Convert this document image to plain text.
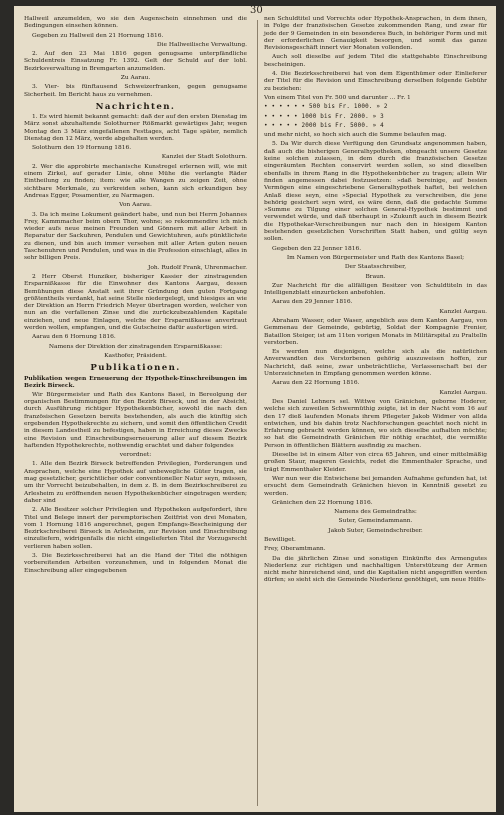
30

Hallweil anzumelden, wo sie den Augenschein einnehmen und die Bedingungen einsehen können.

Gegeben zu Hallweil den 21 Hornung 1816.

Die Hallweilische Verwaltung.

2. Auf den 23 Mai 1816 gegen genugsame unterpfändliche Schuldentreis Einsatzung Fr. 1392. Gelt der Schuld auf der lobl. Bezirksverwaltung in Bremgarten anzumelden.

Zu Aarau.

3. Vier- bis fünftausend Schweizerfranken, gegen genugsame Sicherheit. Im Bericht haus zu vernehmen.

Nachrichten.

1. Es wird hiemit bekannt gemacht: daß der auf den ersten Dienstag im März sonst abzuhaltende Solothurner Rößmarkt gewärtiges Jahr, wegen Montag den 3 März eingefallenen Festtages, acht Tage später, nemlich Dienstag den 12 März, werde abgehalten werden.

Solothurn den 19 Hornung 1816.

Kanzlei der Stadt Solothurn.

2. Wer die approbirte mechanische Kunstregel erlernen will, wie mit einem Zirkel, auf gerader Linie, ohne Mühe die verlangte Räder Eintheilung zu finden; item: wie alle Wangen zu zeigen Zeit, ohne sichtbare Merkmale, zu verkreiden sehen, kann sich erkundigen bey Andreas Egger, Posamentier, zu Narmagen.

Von Aarau.

3. Da ich meine Lokument geändert habe, und nun bei Herrn Johannes Frey, Kammmacher beim obern Thor, wohne; so rekommendire ich mich wieder aufs neue meinen Freunden und Gönnern mit aller Arbeit in Reparatur der Sackuhren, Pendulen und Gewichtuhren, aufs pünktlichste zu dienen, und bin auch immer versehen mit aller Arten guten neuen Taschenuhren und Pendulen, und was in die Profession einschlagt, alles in sehr billigen Preis.

Joh. Rudolf Frank, Uhrenmacher.

2 Herr Oberst Hunziker, bisheriger Kassier der zinstragenden Ersparnißkasse für die Einwohner des Kantons Aargau, dessen Bemühungen diese Anstalt seit ihrer Gründung den guten Fortgang größtentheils verdankt, hat seine Stelle niedergelegt, und hiesiges an wie der Direktion an Herrn Friedrich Meyer übertragen worden, welcher von nun an die verfallenen Zinse und die zurückzubezahlenden Kapitale einziehen, und neue Einlagen, welche der Ersparnißkasse anvertraut werden wollen, empfangen, und die Gutscheine dafür ausfertigen wird.

Aarau den 6 Hornung 1816.

Namens der Direktion der zinstragenden Ersparnißkasse:

Kasthofer, Präsident.

Publikationen.

Publikation wegen Erneuerung der Hypothek-Einschreibungen im Bezirk Birseck.

Wir Bürgermeister und Rath des Kantons Basel, in Bereolgung der organischen Bestimmungen für den Bezirk Birseck, und in der Absicht, durch Ausführung richtiger Hypothekenbücher, sowohl die nach den französischen Gesetzen bereits bestehenden, als auch die künftig sich ergebenden Hypothekrechte zu sichern, und somit den öffentlichen Credit in diesem Landestheil zu befestigen, haben in Erreichung dieses Zwecks eine Revision und Einschreibungserneuerung aller auf diesem Bezirk haftenden Hypothekrechte, nothwendig erachtet und daher folgendes

verordnet:

1. Alle den Bezirk Birseck betreffenden Privilegien, Forderungen und Ansprachen, welche eine Hypothek auf unbewegliche Güter tragen, sie mag gesetzlicher, gerichtlicher oder conventioneller Natur seyn, müssen, um ihr Vorrecht beizubehalten, in dem z. B. in dem Bezirkschreiberei zu Arlesheim zu eröffnenden neuen Hypothekenbücher eingetragen werden; daher sind

2. Alle Besitzer solcher Privilegien und Hypotheken aufgefordert, ihre Titel und Belege innert der peremptorischen Zeitfrist von drei Monaten, vom 1 Hornung 1816 angerechnet, gegen Empfangs-Bescheinigung der Bezirkschreiberei Birseck in Arlesheim, zur Revision und Einschreibung einzuliefern, widrigenfalls die nicht eingelieferten Titel ihr Vorzugsrecht verlieren haben sollen.

3. Die Bezirksschreiberei hat an die Hand der Titel die nöthigen vorbereitenden Arbeiten vorzunehmen, und in folgenden Monat die Einschreibung aller eingegebenen

nen Schuldtitel und Vorrechts oder Hypothek-Ansprachen, in dem ihnen, in Folge der französischen Gesetze zukommenden Rang, und zwar für jede der 9 Gemeinden in ein besonderes Buch, in behöriger Form und mit der erforderlichen Genauigkeit besorgen, und somit das ganze Revisionsgeschäft innert vier Monaten vollenden.

Auch soll dieselbe auf jedem Titel die stattgehabte Einschreibung bescheinigen.

4. Die Bezirksschreiberei hat von dem Eigenthümer oder Einlieferer der Titel für die Revision und Einschreibung derselben folgende Gebühr zu beziehen:

Von einem Titel von Fr. 500 und darunter ... Fr. 1

• • • • • • 500 bis Fr. 1000. » 2

• • • • • 1000 bis Fr. 2000. » 3

• • • • • 2000 bis Fr. 5000. » 4

und mehr nicht, so hoch sich auch die Summe belaufen mag.

5. Da Wir durch diese Verfügung den Grundsatz angenommen haben, daß auch die bisherigen Generalhypotheken, obngeacht unsere Gesetze keine solchen zulassen, in dem durch die französischen Gesetze eingeräumten Rechten conservirt werden sollen, so sind dieselben ebenfalls in ihrem Rang in die Hypothekenbücher zu tragen; allein Wir finden angemessen dabei festzusetzen: »daß bereinige, auf besien Vermögen eine eingeschriebene Generalhypothek haftet, bei welchen Anlaß diese seyn, eine »Special Hypothek zu verschreiben, die jene behörig gesichert seyn wird, es wäre denn, daß die gedachte Summe »Summe zu Tilgung einer solchen General-Hypothek bestimmt und verwendet würde, und daß überhaupt in »Zukunft auch in diesem Bezirk die Hypothekar-Verschreibungen nur nach den in hiesigem Kanton bestehenden gesetzlichen Vorschriften Statt haben, und gültig seyn sollen.

Gegeben den 22 Jenner 1816.

Im Namen von Bürgermeister und Rath des Kantons Basel;

Der Staatsschreiber,

Braun.

Zur Nachricht für die allfälligen Besitzer von Schuldtiteln in das Intelligenzblatt einzurücken anbefohlen.

Aarau den 29 Jenner 1816.

Kanzlei Aargau.

Abraham Wasser, oder Waser, angeblich aus dem Kanton Aargau, von Gemmenau der Gemeinde, gebürtig, Soldat der Kompagnie Frenier, Bataillon Steiger, ist am 11ten vorigen Monats in Militärspital zu Praltelln verstorben.

Es werden nun diejenigen, welche sich als die natürlichen Anverwandten des Verstorbenen gehörig auszuweisen hoffen, zur Nachricht, daß seine, zwar unbeträchtliche, Verlassenschaft bei der Unterzeichneten in Empfang genommen werden könne.

Aarau den 22 Hornung 1816.

Kanzlei Aargau.

Des Daniel Lehners sel. Wittwe von Gränichen, geborne Hoderer, welche sich zuweilen Schwermüthig zeigte, ist in der Nacht vom 16 auf den 17 dieß laufenden Monats ihrem Pflegeter Jakob Widmer von allda entwichen, und bis dahin trotz Nachforschungen geachtet noch nicht in Erfahrung gebracht werden können, wo sich dieselbe aufhalten möchte; so hat die Gemeindrath Gränichen für nöthig erachtet, die vermißte Person in öffentlichen Blättern ausfindig zu machen.

Dieselbe ist in einem Alter von circa 65 Jahren, und einer mittelmäßig großen Staur, mageren Gesichts, redet die Emmenthaler Sprache, und trägt Emmenthaler Kleider.

Wer nun wer die Entwichene bei jemanden Aufnahme gefunden hat, ist ersucht dem Gemeindrath Gränichen hievon in Kenntniß gesetzt zu werden.

Gränichen den 22 Hornung 1816.

Namens des Gemeindraths:

Suter, Gemeindammann.

Jakob Suter, Gemeindschreiber.

Bewilliget.

Frey, Oberamtmann.

Da die jährlichen Zinse und sonstigen Einkünfte des Armengutes Niederlenz zur richtigen und nachhaltigen Unterstützung der Armen nicht mehr hinreichend sind, und die Kapitalien nicht angegriffen werden dürfen; so sieht sich die Gemeinde Niederlenz genöthiget, um neue Hülfs-
